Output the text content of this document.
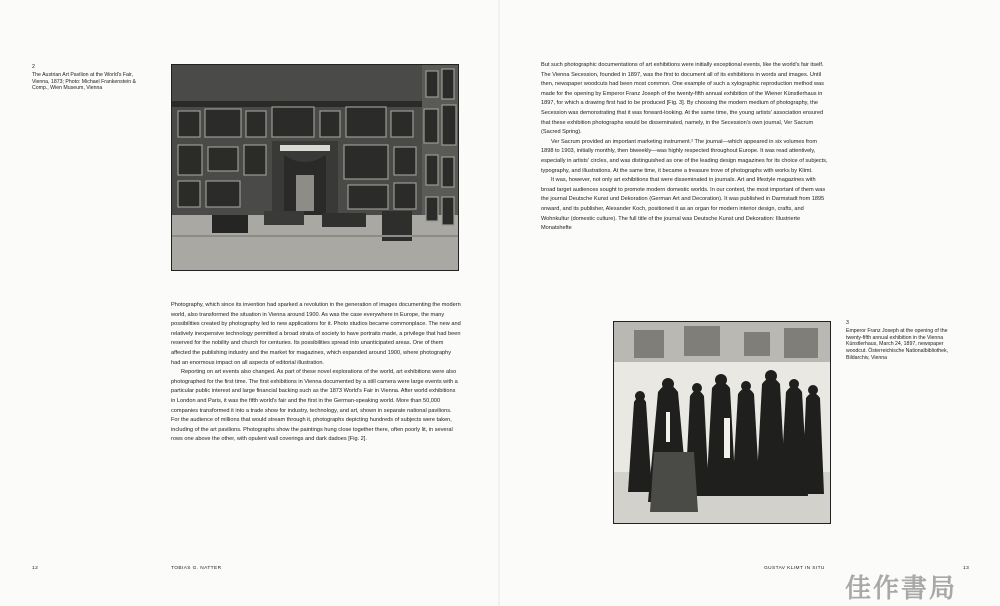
2
The Austrian Art Pavilion at the World's Fair, Vienna, 1873; Photo: Michael Frankenstein & Comp., Wien Museum, Vienna

Photography, which since its invention had sparked a revolution in the generation of images documenting the modern world, also transformed the situation in Vienna around 1900. As was the case everywhere in Europe, the many possibilities created by photography led to new applications for it. Photo studios became commonplace. The new and relatively inexpensive technology permitted a broad strata of society to have portraits made, a privilege that had been reserved for the nobility and church for centuries. Its possibilities spread into unanticipated areas. One of them affected the publishing industry and the market for magazines, which expanded around 1900, where photography had an enormous impact on all aspects of editorial illustration.

Reporting on art events also changed. As part of these novel explorations of the world, art exhibitions were also photographed for the first time. The first exhibitions in Vienna documented by a still camera were large events with a particular public interest and large financial backing such as the 1873 World's Fair in Vienna. After world exhibitions in London and Paris, it was the fifth world's fair and the first in the German-speaking world. More than 50,000 companies transformed it into a trade show for industry, technology, and art, shown in separate national pavilions. For the audience of millions that would stream through it, photographs depicting hundreds of subjects were taken, including of the art pavilions. Photographs show the paintings hung close together there, often poorly lit, in several rows one above the other, with opulent wall coverings and dark dadoes [Fig. 2].

12	TOBIAS G. NATTER

But such photographic documentations of art exhibitions were initially exceptional events, like the world's fair itself. The Vienna Secession, founded in 1897, was the first to document all of its exhibitions in words and images. Until then, newspaper woodcuts had been most common. One example of such a xylographic reproduction method was made for the opening by Emperor Franz Joseph of the twenty-fifth annual exhibition of the Wiener Künstlerhaus in 1897, for which a drawing first had to be produced [Fig. 3]. By choosing the modern medium of photography, the Secession was demonstrating that it was forward-looking. At the same time, the young artists' association ensured that these exhibition photographs would be disseminated, namely, in the Secession's own journal, Ver Sacrum (Sacred Spring).

Ver Sacrum provided an important marketing instrument.² The journal—which appeared in six volumes from 1898 to 1903, initially monthly, then biweekly—was highly respected throughout Europe. It was read attentively, especially in artists' circles, and was distinguished as one of the leading design magazines for its choice of subjects, typography, and illustrations. At the same time, it became a treasure trove of photographs with works by Klimt.

It was, however, not only art exhibitions that were disseminated in journals. Art and lifestyle magazines with broad target audiences sought to promote modern domestic worlds. In our context, the most important of them was the journal Deutsche Kunst und Dekoration (German Art and Decoration). It was published in Darmstadt from 1895 onward, and its publisher, Alexander Koch, positioned it as an organ for modern interior design, crafts, and Wohnkultur (domestic culture). The full title of the journal was Deutsche Kunst und Dekoration: Illustrierte Monatshefte

3
Emperor Franz Joseph at the opening of the twenty-fifth annual exhibition in the Vienna Künstlerhaus, March 24, 1897, newspaper woodcut. Österreichische Nationalbibliothek, Bildarchiv, Vienna
GUSTAV KLIMT IN SITU	13
佳作書局
